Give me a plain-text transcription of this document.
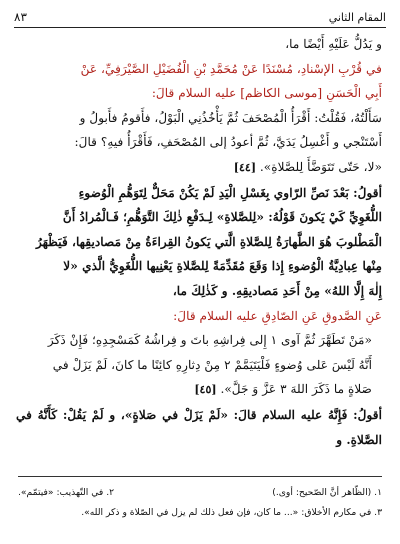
المقام الثاني
٨٣

و يَدُلُّ عَلَيْهِ أَيْضًا ما،

في قُرْبِ الإسْنادِ، مُسْنَدًا عَنْ مُحَمَّدِ بْنِ الْفُضَيْلِ الصَّيْرَفِيِّ، عَنْ

أَبِي الْحَسَنِ [موسى الكاظم] عليه السلام قالَ:

سَأَلْتُهُ، فَقُلْتُ: أَقْرَأُ الْمُصْحَفَ ثُمَّ يَأْخُذُنِي الْبَوْلُ، فأَقومُ فأَبولُ و

أَسْتَنْجي و أَغْسِلُ يَدَيَّ، ثُمَّ أعودُ إلى المُصْحَفِ، فَأَقْرَأُ فيهِ؟ قالَ:

«لا، حَتّى تَتَوَضَّأَ لِلصَّلاةِ». [٤٤]

أقولُ: بَعْدَ نَصِّ الرّاوي بِغَسْلِ الْيَدِ لَمْ يَكُنْ مَحَلٌّ لِتَوَهُّمِ الْوُضوءِ

اللُّغَوِيِّ كَيْ يَكونَ قَوْلُهُ: «لِلصَّلاةِ» لِـدَفْعِ ذٰلِكَ التَّوَهُّمِ؛ فَـالْمُرادُ أَنَّ

الْمَطْلوبَ هُوَ الطَّهارَةُ لِلصَّلاةِ الَّتي يَكونُ القِراءَةُ مِنْ مَصاديقِها، فَيَظْهَرُ

مِنْها عِبادِيَّةُ الْوُضوءِ إِذا وَقَعَ مُقَدِّمَةً لِلصَّلاةِ يَعْنِيها اللُّغَوِيُّ الَّذي «لا

إِلٰهَ إِلَّا اللهُ» مِنْ أَحَدِ مَصاديقِهِ. و كَذٰلِكَ ما،

عَنِ الصَّدوقِ عَنِ الصّادِقِ عليه السلام قالَ:

«مَنْ تَطَهَّرَ ثُمَّ آوى ١ إِلى فِراشِهِ باتَ و فِراشُهُ كَمَسْجِدِهِ؛ فَإِنْ ذَكَرَ

أَنَّهُ لَيْسَ عَلى وُضوءٍ فَلْيَتَيَمَّمْ ٢ مِنْ دِثارِهِ كائِنًا ما كانَ، لَمْ يَزَلْ في

صَلاةٍ ما ذَكَرَ اللهَ ٣ عَزَّ وَ جَلَّ». [٤٥]

أقولُ: فَإِنَّهُ عليه السلام قالَ: «لَمْ يَزَلْ في صَلاةٍ»، و لَمْ يَقُلْ: كَأَنَّهُ في الصَّلاةِ. و

١. (الظّاهر أنَّ الصّحيح: أوى.)
٢. في التّهذيب: «فيتمّم».
٣. في مكارم الأخلاق: «... ما كان، فإن فعل ذلك لم يزل في الصّلاة و ذكر الله».
